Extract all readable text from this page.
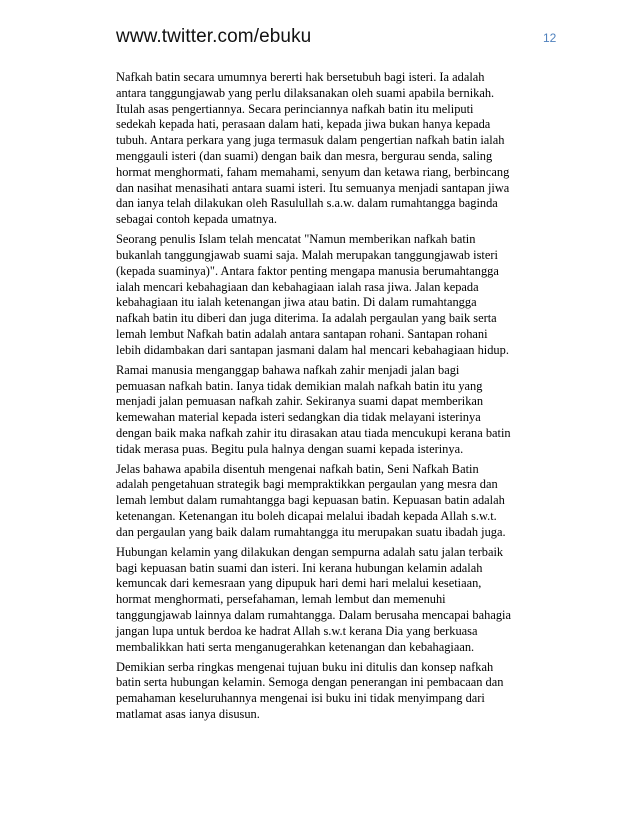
www.twitter.com/ebuku	12
Nafkah batin secara umumnya bererti hak bersetubuh bagi isteri. Ia adalah
antara tanggungjawab yang perlu dilaksanakan oleh suami apabila bernikah.
Itulah asas pengertiannya. Secara perinciannya nafkah batin itu meliputi
sedekah kepada hati, perasaan dalam hati, kepada jiwa bukan hanya kepada
tubuh. Antara perkara yang juga termasuk dalam pengertian nafkah batin ialah
menggauli isteri (dan suami) dengan baik dan mesra, bergurau senda, saling
hormat menghormati, faham memahami, senyum dan ketawa riang, berbincang
dan nasihat menasihati antara suami isteri. Itu semuanya menjadi santapan jiwa
dan ianya telah dilakukan oleh Rasulullah s.a.w. dalam rumahtangga baginda
sebagai contoh kepada umatnya.
Seorang penulis Islam telah mencatat "Namun memberikan nafkah batin
bukanlah tanggungjawab suami saja. Malah merupakan tanggungjawab isteri
(kepada suaminya)". Antara faktor penting mengapa manusia berumahtangga
ialah mencari kebahagiaan dan kebahagiaan ialah rasa jiwa. Jalan kepada
kebahagiaan itu ialah ketenangan jiwa atau batin. Di dalam rumahtangga
nafkah batin itu diberi dan juga diterima. Ia adalah pergaulan yang baik serta
lemah lembut Nafkah batin adalah antara santapan rohani. Santapan rohani
lebih didambakan dari santapan jasmani dalam hal mencari kebahagiaan hidup.
Ramai manusia menganggap bahawa nafkah zahir menjadi jalan bagi
pemuasan nafkah batin. Ianya tidak demikian malah nafkah batin itu yang
menjadi jalan pemuasan nafkah zahir. Sekiranya suami dapat memberikan
kemewahan material kepada isteri sedangkan dia tidak melayani isterinya
dengan baik maka nafkah zahir itu dirasakan atau tiada mencukupi kerana batin
tidak merasa puas. Begitu pula halnya dengan suami kepada isterinya.
Jelas bahawa apabila disentuh mengenai nafkah batin, Seni Nafkah Batin
adalah pengetahuan strategik bagi mempraktikkan pergaulan yang mesra dan
lemah lembut dalam rumahtangga bagi kepuasan batin. Kepuasan batin adalah
ketenangan. Ketenangan itu boleh dicapai melalui ibadah kepada Allah s.w.t.
dan pergaulan yang baik dalam rumahtangga itu merupakan suatu ibadah juga.
Hubungan kelamin yang dilakukan dengan sempurna adalah satu jalan terbaik
bagi kepuasan batin suami dan isteri. Ini kerana hubungan kelamin adalah
kemuncak dari kemesraan yang dipupuk hari demi hari melalui kesetiaan,
hormat menghormati, persefahaman, lemah lembut dan memenuhi
tanggungjawab lainnya dalam rumahtangga. Dalam berusaha mencapai bahagia
jangan lupa untuk berdoa ke hadrat Allah s.w.t kerana Dia yang berkuasa
membalikkan hati serta menganugerahkan ketenangan dan kebahagiaan.
Demikian serba ringkas mengenai tujuan buku ini ditulis dan konsep nafkah
batin serta hubungan kelamin. Semoga dengan penerangan ini pembacaan dan
pemahaman keseluruhannya mengenai isi buku ini tidak menyimpang dari
matlamat asas ianya disusun.
